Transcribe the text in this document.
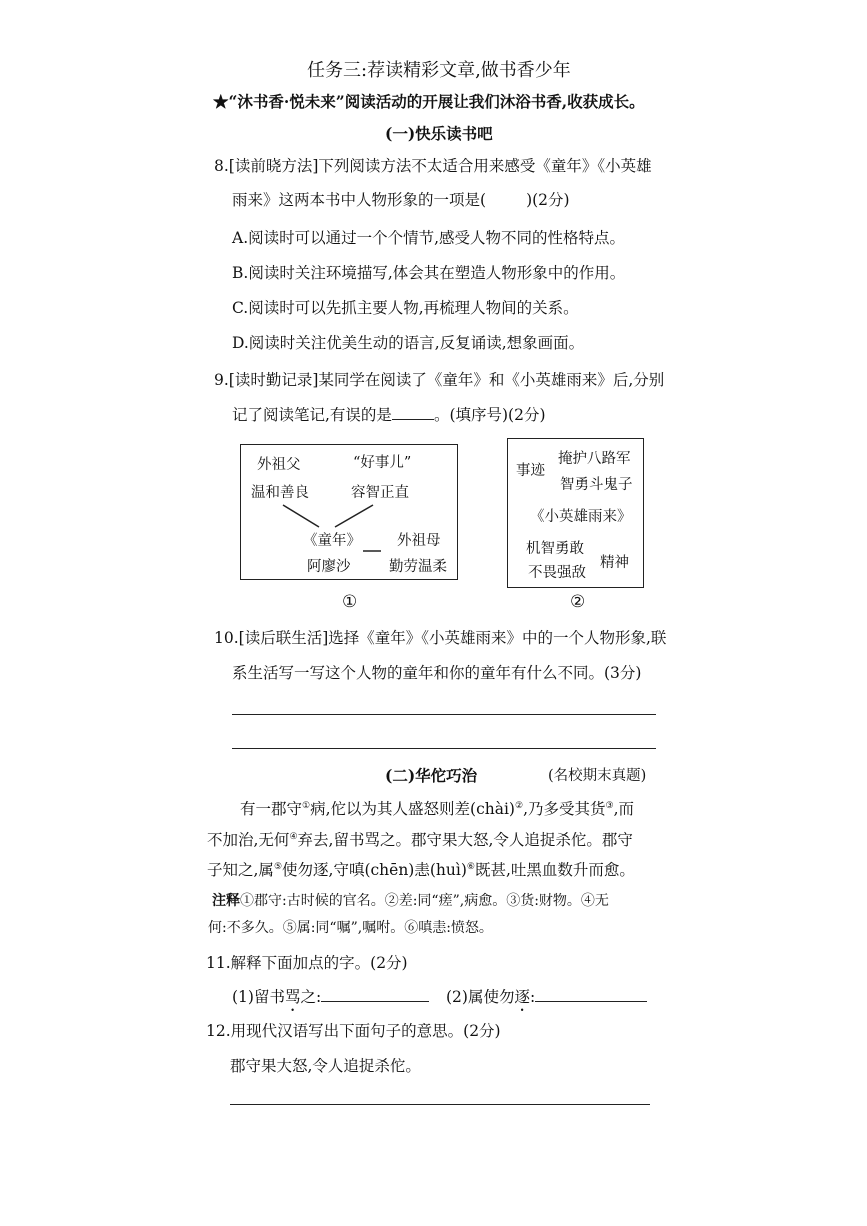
任务三:荐读精彩文章,做书香少年
★“沐书香·悦未来”阅读活动的开展让我们沐浴书香,收获成长。
(一)快乐读书吧
8.[读前晓方法]下列阅读方法不太适合用来感受《童年》《小英雄
雨来》这两本书中人物形象的一项是(	)(2分)
A.阅读时可以通过一个个情节,感受人物不同的性格特点。
B.阅读时关注环境描写,体会其在塑造人物形象中的作用。
C.阅读时可以先抓主要人物,再梳理人物间的关系。
D.阅读时关注优美生动的语言,反复诵读,想象画面。
9.[读时勤记录]某同学在阅读了《童年》和《小英雄雨来》后,分别
记了阅读笔记,有误的是	。(填序号)(2分)
外祖父	“好事儿”
温和善良	容智正直
《童年》 外祖母
阿廖沙	勤劳温柔
①
事迹
掩护八路军
智勇斗鬼子
《小英雄雨来》
机智勇敢
精神
不畏强敌
②
10.[读后联生活]选择《童年》《小英雄雨来》中的一个人物形象,联
系生活写一写这个人物的童年和你的童年有什么不同。(3分)
(二)华佗巧治	(名校期末真题)
有一郡守①病,佗以为其人盛怒则差(chài)②,乃多受其货③,而
不加治,无何④弃去,留书骂之。郡守果大怒,令人追捉杀佗。郡守
子知之,属⑤使勿逐,守嗔(chēn)恚(huì)⑥既甚,吐黑血数升而愈。
注释①郡守:古时候的官名。②差:同“瘥”,病愈。③货:财物。④无
何:不多久。⑤属:同“嘱”,嘱咐。⑥嗔恚:愤怒。
11.解释下面加点的字。(2分)
(1)留书骂之:	(2)属使勿逐:
12.用现代汉语写出下面句子的意思。(2分)
郡守果大怒,令人追捉杀佗。
